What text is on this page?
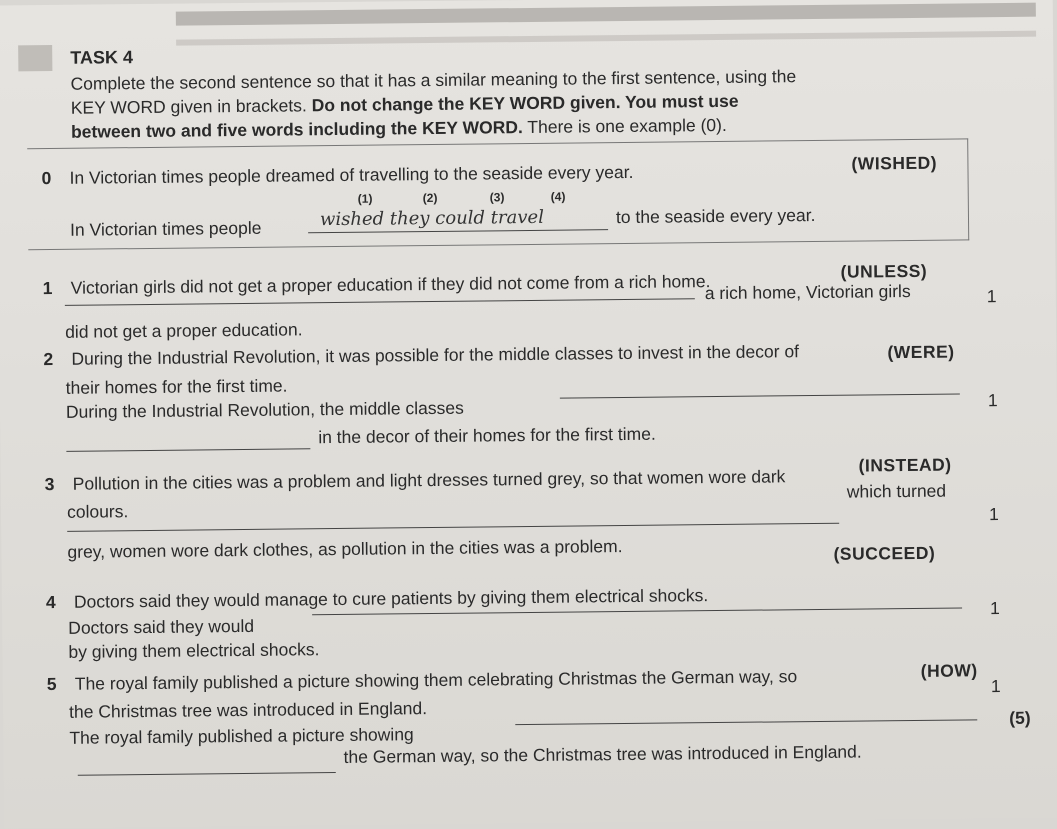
TASK 4
Complete the second sentence so that it has a similar meaning to the first sentence, using the
KEY WORD given in brackets. Do not change the KEY WORD given. You must use
between two and five words including the KEY WORD. There is one example (0).
0 In Victorian times people dreamed of travelling to the seaside every year.	(WISHED)
(1)	(2)	(3)	(4)
In Victorian times people	wished they could travel	to the seaside every year.
1 Victorian girls did not get a proper education if they did not come from a rich home.	(UNLESS)
a rich home, Victorian girls	1
did not get a proper education.
2 During the Industrial Revolution, it was possible for the middle classes to invest in the decor of
their homes for the first time.
(WERE)
During the Industrial Revolution, the middle classes	1
in the decor of their homes for the first time.
3 Pollution in the cities was a problem and light dresses turned grey, so that women wore dark
colours.
(INSTEAD)
which turned
1
grey, women wore dark clothes, as pollution in the cities was a problem.
4 Doctors said they would manage to cure patients by giving them electrical shocks.
(SUCCEED)
Doctors said they would
1
by giving them electrical shocks.
5 The royal family published a picture showing them celebrating Christmas the German way, so
the Christmas tree was introduced in England.
(HOW)
1
The royal family published a picture showing
(5)
the German way, so the Christmas tree was introduced in England.
